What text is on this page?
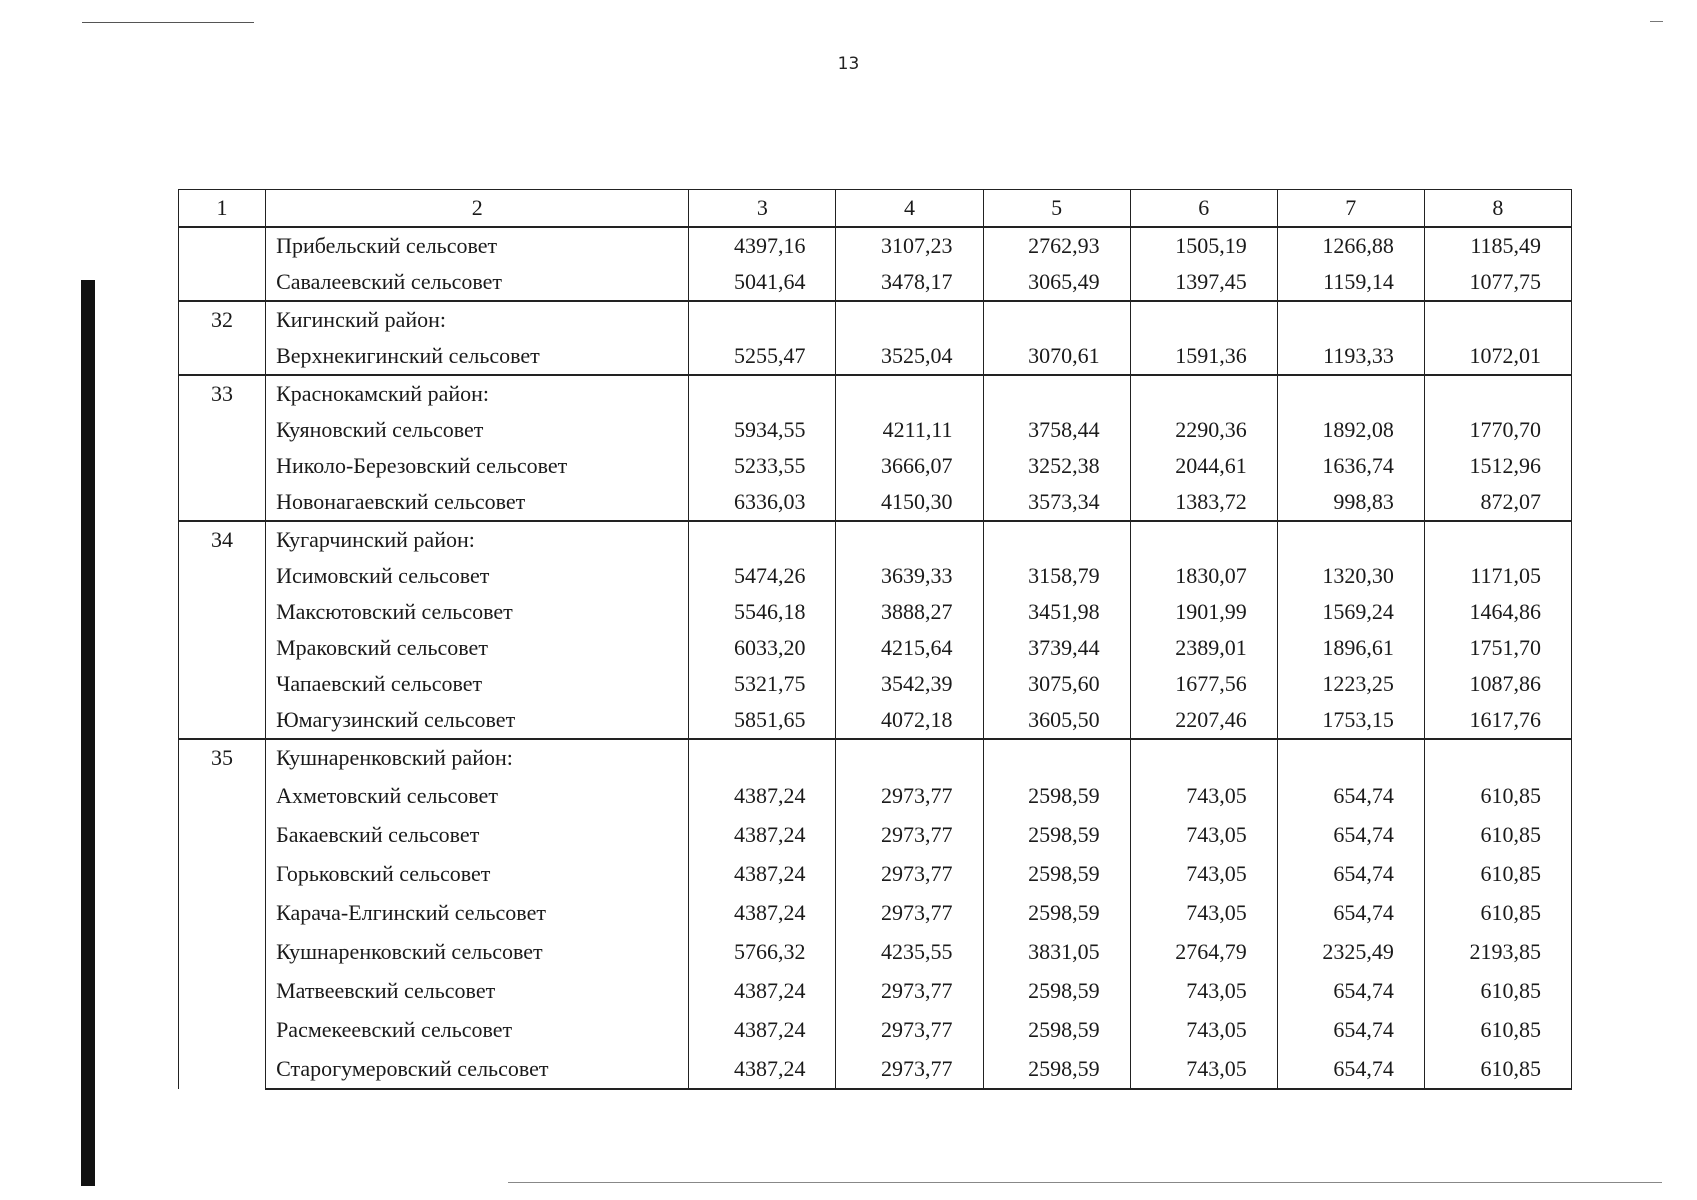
13
1	2	3	4	5	6	7	8
	Прибельский сельсовет	4397,16	3107,23	2762,93	1505,19	1266,88	1185,49
	Савалеевский сельсовет	5041,64	3478,17	3065,49	1397,45	1159,14	1077,75
32	Кигинский район:						
	Верхнекигинский сельсовет	5255,47	3525,04	3070,61	1591,36	1193,33	1072,01
33	Краснокамский район:						
	Куяновский сельсовет	5934,55	4211,11	3758,44	2290,36	1892,08	1770,70
	Николо-Березовский сельсовет	5233,55	3666,07	3252,38	2044,61	1636,74	1512,96
	Новонагаевский сельсовет	6336,03	4150,30	3573,34	1383,72	998,83	872,07
34	Кугарчинский район:						
	Исимовский сельсовет	5474,26	3639,33	3158,79	1830,07	1320,30	1171,05
	Максютовский сельсовет	5546,18	3888,27	3451,98	1901,99	1569,24	1464,86
	Мраковский сельсовет	6033,20	4215,64	3739,44	2389,01	1896,61	1751,70
	Чапаевский сельсовет	5321,75	3542,39	3075,60	1677,56	1223,25	1087,86
	Юмагузинский сельсовет	5851,65	4072,18	3605,50	2207,46	1753,15	1617,76
35	Кушнаренковский район:						
	Ахметовский сельсовет	4387,24	2973,77	2598,59	743,05	654,74	610,85
	Бакаевский сельсовет	4387,24	2973,77	2598,59	743,05	654,74	610,85
	Горьковский сельсовет	4387,24	2973,77	2598,59	743,05	654,74	610,85
	Карача-Елгинский сельсовет	4387,24	2973,77	2598,59	743,05	654,74	610,85
	Кушнаренковский сельсовет	5766,32	4235,55	3831,05	2764,79	2325,49	2193,85
	Матвеевский сельсовет	4387,24	2973,77	2598,59	743,05	654,74	610,85
	Расмекеевский сельсовет	4387,24	2973,77	2598,59	743,05	654,74	610,85
	Старогумеровский сельсовет	4387,24	2973,77	2598,59	743,05	654,74	610,85
